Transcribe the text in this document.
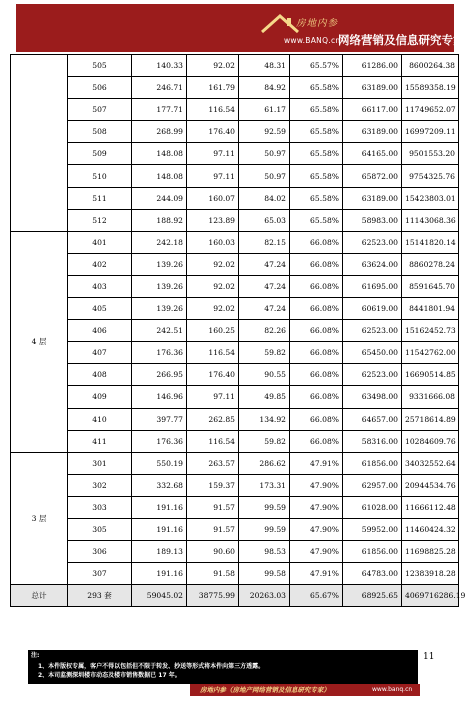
房地内参
www.BANQ.cn
网络营销及信息研究专家
	505	140.33	92.02	48.31	65.57%	61286.00	8600264.38
	506	246.71	161.79	84.92	65.58%	63189.00	15589358.19
	507	177.71	116.54	61.17	65.58%	66117.00	11749652.07
	508	268.99	176.40	92.59	65.58%	63189.00	16997209.11
	509	148.08	97.11	50.97	65.58%	64165.00	9501553.20
	510	148.08	97.11	50.97	65.58%	65872.00	9754325.76
	511	244.09	160.07	84.02	65.58%	63189.00	15423803.01
	512	188.92	123.89	65.03	65.58%	58983.00	11143068.36
4 层	401	242.18	160.03	82.15	66.08%	62523.00	15141820.14
	402	139.26	92.02	47.24	66.08%	63624.00	8860278.24
	403	139.26	92.02	47.24	66.08%	61695.00	8591645.70
	405	139.26	92.02	47.24	66.08%	60619.00	8441801.94
	406	242.51	160.25	82.26	66.08%	62523.00	15162452.73
	407	176.36	116.54	59.82	66.08%	65450.00	11542762.00
	408	266.95	176.40	90.55	66.08%	62523.00	16690514.85
	409	146.96	97.11	49.85	66.08%	63498.00	9331666.08
	410	397.77	262.85	134.92	66.08%	64657.00	25718614.89
	411	176.36	116.54	59.82	66.08%	58316.00	10284609.76
3 层	301	550.19	263.57	286.62	47.91%	61856.00	34032552.64
	302	332.68	159.37	173.31	47.90%	62957.00	20944534.76
	303	191.16	91.57	99.59	47.90%	61028.00	11666112.48
	305	191.16	91.57	99.59	47.90%	59952.00	11460424.32
	306	189.13	90.60	98.53	47.90%	61856.00	11698825.28
	307	191.16	91.58	99.58	47.91%	64783.00	12383918.28
总计	293 套	59045.02	38775.99	20263.03	65.67%	68925.65	4069716286.19
11
注:
1、本件版权专属，客户不得以包括但不限于转发、抄送等形式将本件向第三方透露。
2、本司监测深圳楼市动态及楼市销售数据已 17 年。
房地内参（房地产网络营销及信息研究专家）	www.banq.cn
